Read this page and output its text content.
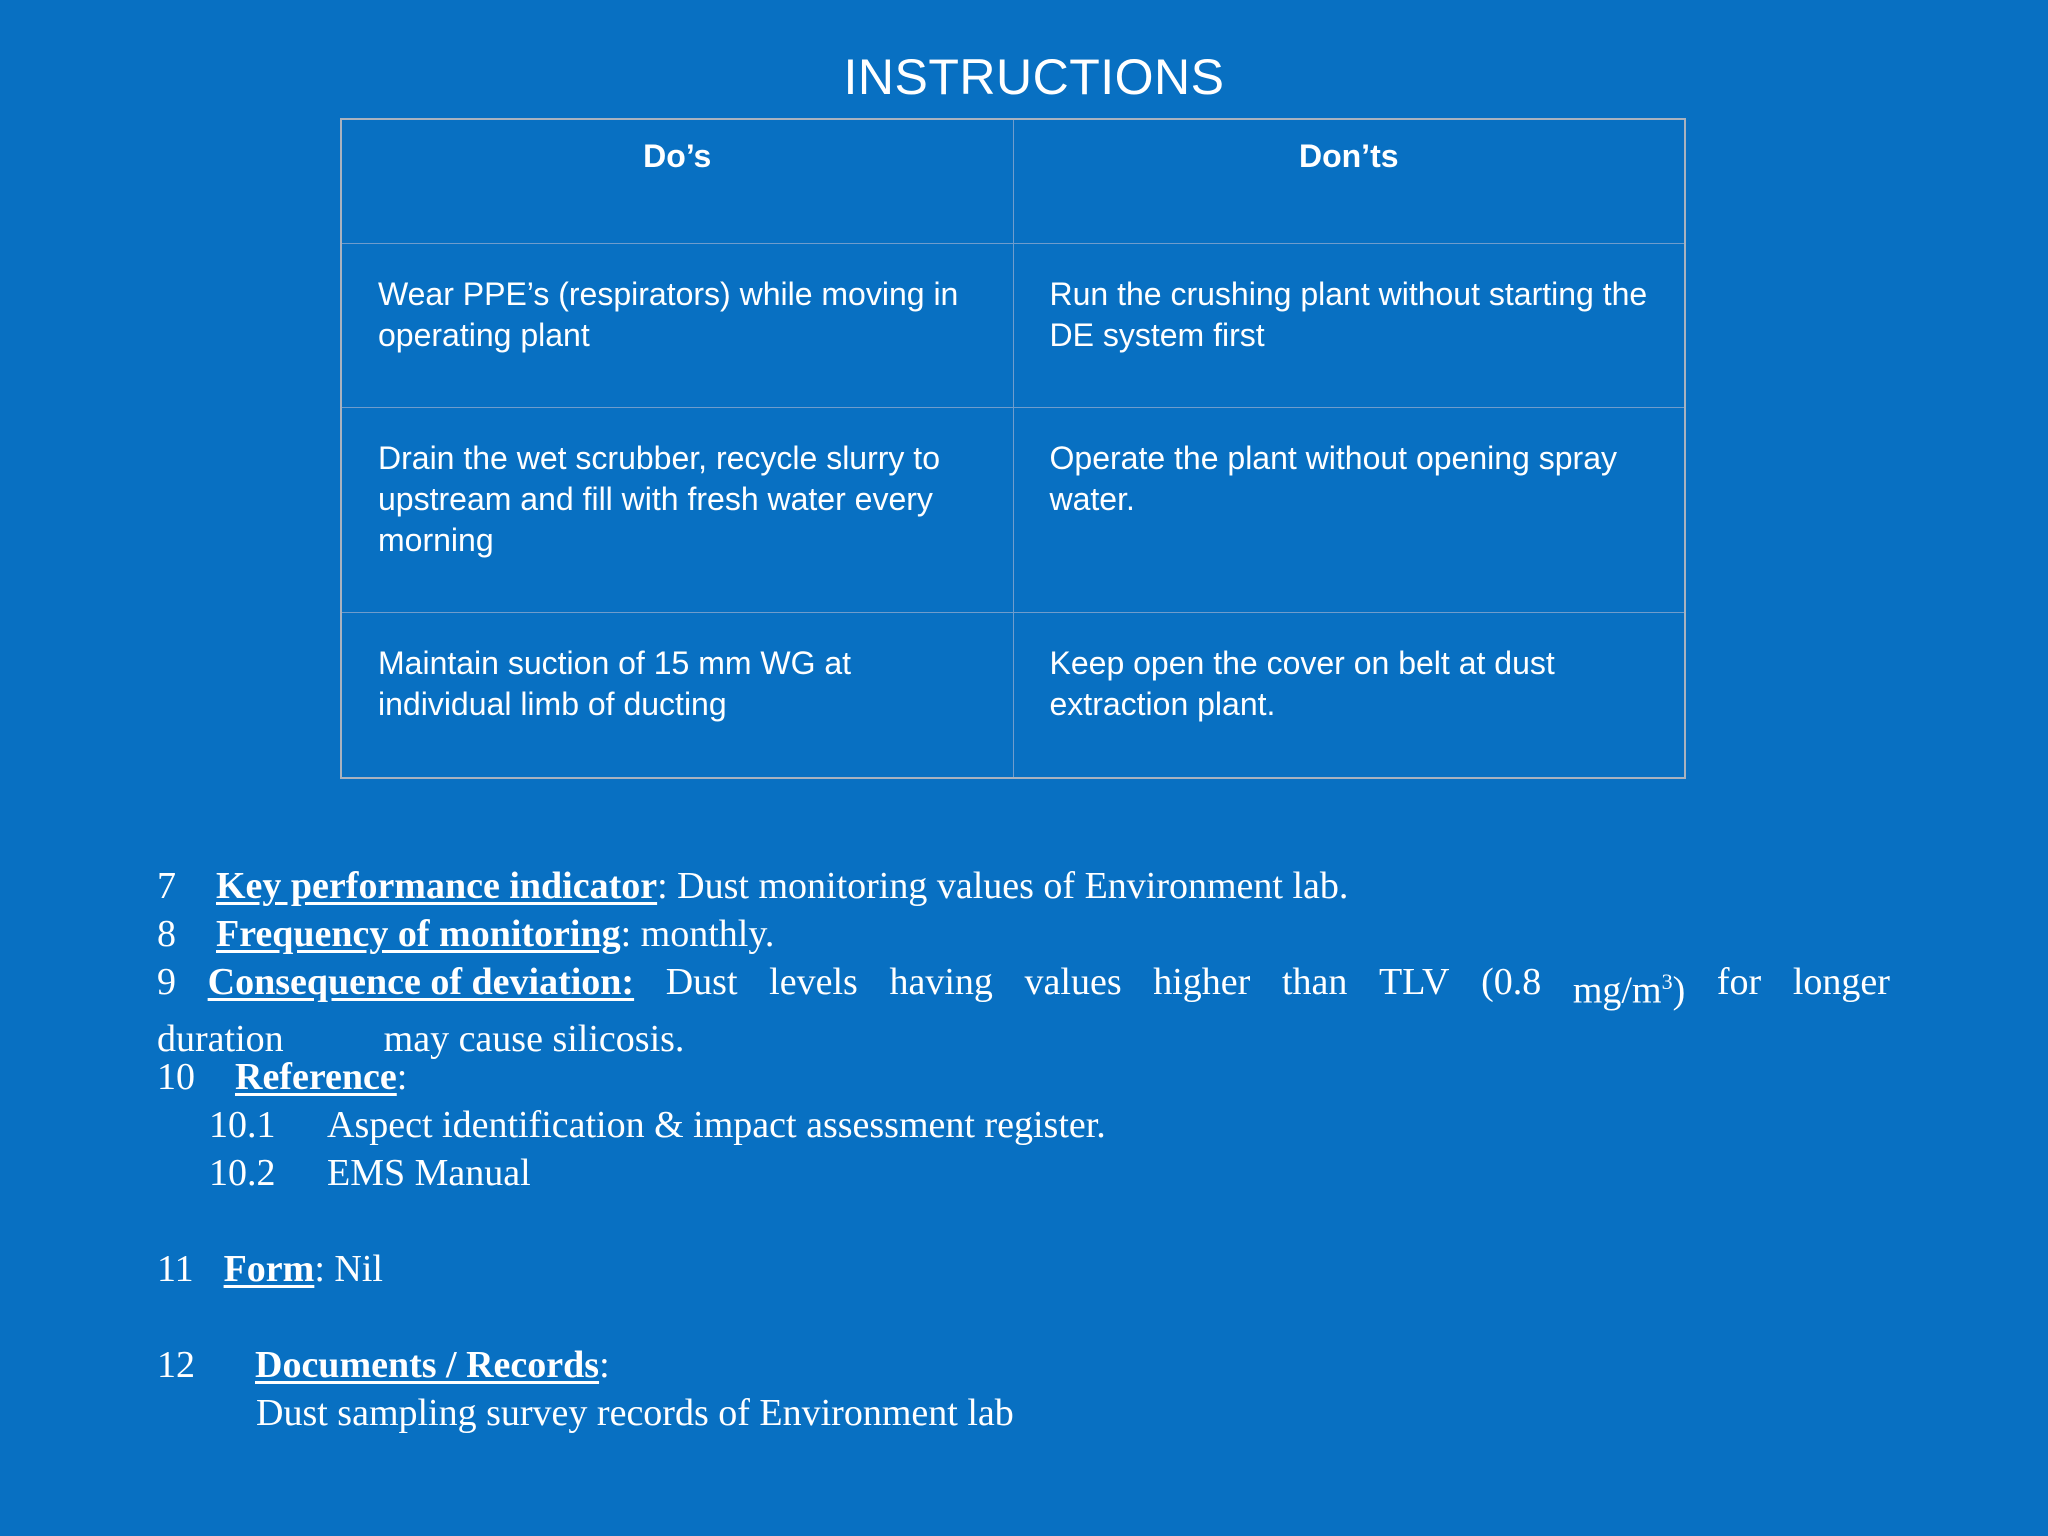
INSTRUCTIONS
Do’s	Don’ts
Wear PPE’s (respirators) while moving in operating plant	Run the crushing plant without starting the DE system first
Drain the wet scrubber, recycle slurry to upstream and fill with fresh water every morning	Operate the plant without opening spray water.
Maintain suction of 15 mm WG at individual limb of ducting	Keep open the cover on belt at dust extraction plant.
7 Key performance indicator: Dust monitoring values of Environment lab.
8 Frequency of monitoring: monthly.
9 Consequence of deviation: Dust levels having values higher than TLV (0.8 $mg/m^3$) for longer
duration	may cause silicosis.
10 Reference:
10.1 Aspect identification & impact assessment register.
10.2 EMS Manual
11 Form: Nil
12 Documents / Records:
Dust sampling survey records of Environment lab
